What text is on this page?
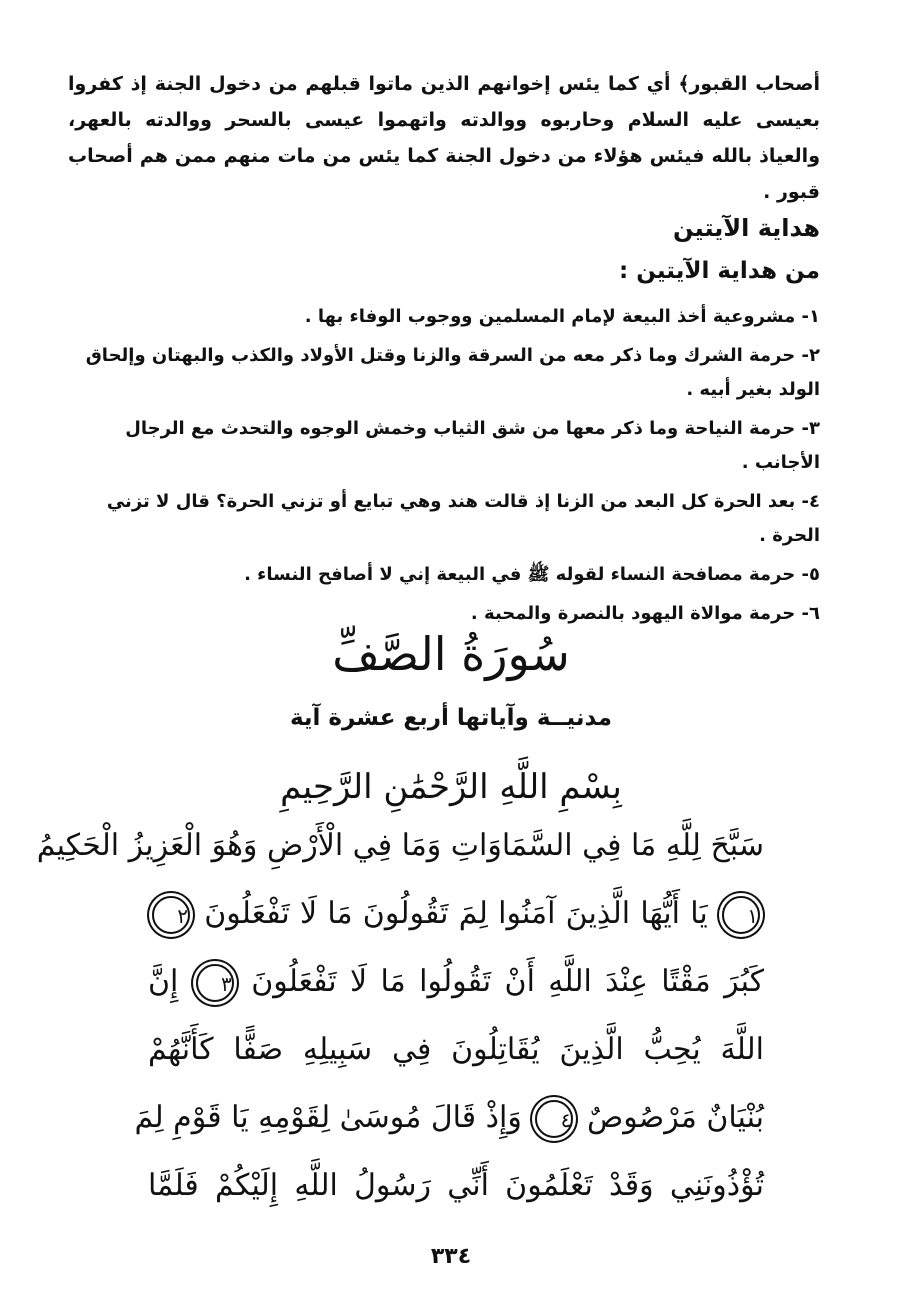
أصحاب القبور﴾ أي كما يئس إخوانهم الذين ماتوا قبلهم من دخول الجنة إذ كفروا بعيسى عليه السلام وحاربوه ووالدته واتهموا عيسى بالسحر ووالدته بالعهر، والعياذ بالله فيئس هؤلاء من دخول الجنة كما يئس من مات منهم ممن هم أصحاب قبور .

هداية الآيتين
من هداية الآيتين :
١- مشروعية أخذ البيعة لإمام المسلمين ووجوب الوفاء بها .
٢- حرمة الشرك وما ذكر معه من السرقة والزنا وقتل الأولاد والكذب والبهتان وإلحاق الولد بغير أبيه .
٣- حرمة النياحة وما ذكر معها من شق الثياب وخمش الوجوه والتحدث مع الرجال الأجانب .
٤- بعد الحرة كل البعد من الزنا إذ قالت هند وهي تبايع أو تزني الحرة؟ قال لا تزني الحرة .
٥- حرمة مصافحة النساء لقوله ﷺ في البيعة إني لا أصافح النساء .
٦- حرمة موالاة اليهود بالنصرة والمحبة .
سُورَةُ الصَّفِّ
مدنيــة وآياتها أربع عشرة آية
بِسْمِ اللَّهِ الرَّحْمَٰنِ الرَّحِيمِ
سَبَّحَ لِلَّهِ مَا فِي السَّمَاوَاتِ وَمَا فِي الْأَرْضِ وَهُوَ الْعَزِيزُ الْحَكِيمُ
١ يَا أَيُّهَا الَّذِينَ آمَنُوا لِمَ تَقُولُونَ مَا لَا تَفْعَلُونَ ٢
كَبُرَ مَقْتًا عِنْدَ اللَّهِ أَنْ تَقُولُوا مَا لَا تَفْعَلُونَ ٣ إِنَّ
اللَّهَ يُحِبُّ الَّذِينَ يُقَاتِلُونَ فِي سَبِيلِهِ صَفًّا كَأَنَّهُمْ
بُنْيَانٌ مَرْصُوصٌ ٤ وَإِذْ قَالَ مُوسَىٰ لِقَوْمِهِ يَا قَوْمِ لِمَ
تُؤْذُونَنِي وَقَدْ تَعْلَمُونَ أَنِّي رَسُولُ اللَّهِ إِلَيْكُمْ فَلَمَّا
٣٣٤
